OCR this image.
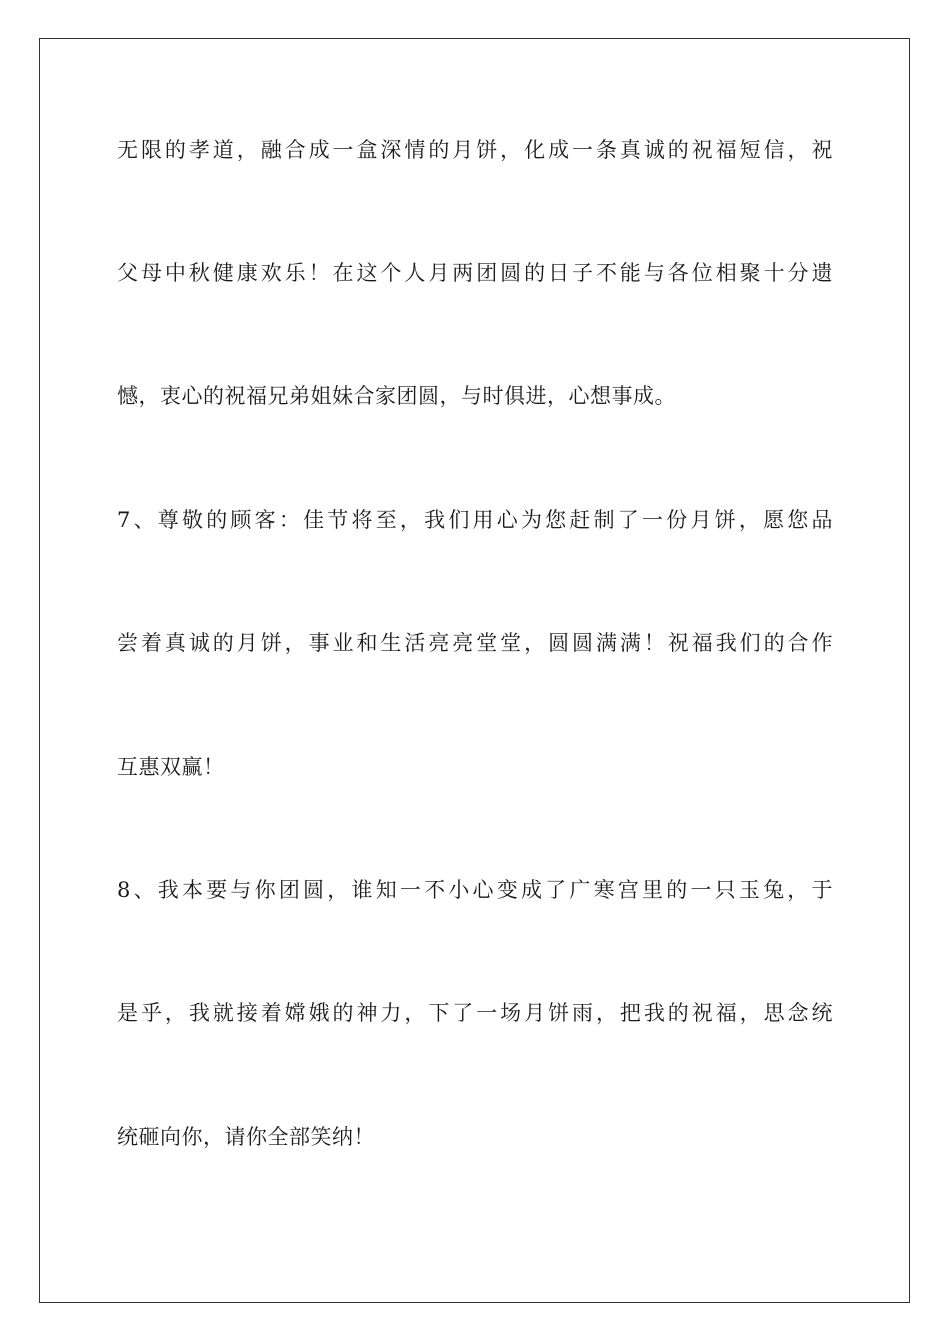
无限的孝道，融合成一盒深情的月饼，化成一条真诚的祝福短信，祝
父母中秋健康欢乐！在这个人月两团圆的日子不能与各位相聚十分遗
憾，衷心的祝福兄弟姐妹合家团圆，与时俱进，心想事成。
7、尊敬的顾客：佳节将至，我们用心为您赶制了一份月饼，愿您品
尝着真诚的月饼，事业和生活亮亮堂堂，圆圆满满！祝福我们的合作
互惠双赢！
8、我本要与你团圆，谁知一不小心变成了广寒宫里的一只玉兔，于
是乎，我就接着嫦娥的神力，下了一场月饼雨，把我的祝福，思念统
统砸向你，请你全部笑纳！
